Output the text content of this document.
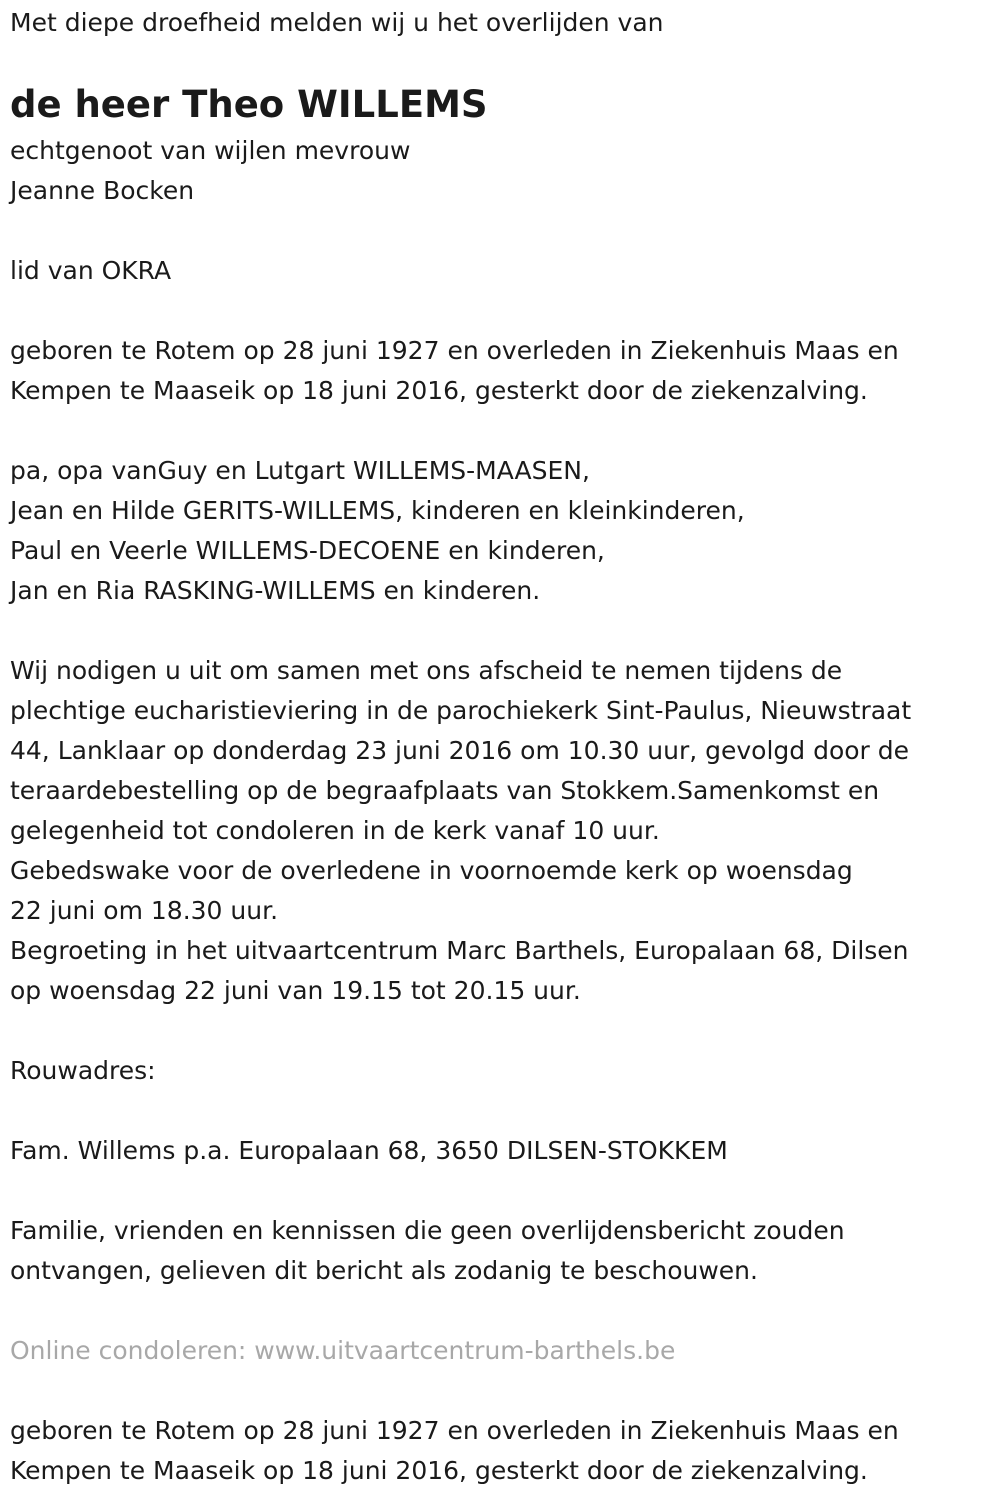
Met diepe droefheid melden wij u het overlijden van

de heer Theo WILLEMS

echtgenoot van wijlen mevrouw

Jeanne Bocken

lid van OKRA

geboren te Rotem op 28 juni 1927 en overleden in Ziekenhuis Maas en

Kempen te Maaseik op 18 juni 2016, gesterkt door de ziekenzalving.

pa, opa vanGuy en Lutgart WILLEMS-MAASEN,

Jean en Hilde GERITS-WILLEMS, kinderen en kleinkinderen,

Paul en Veerle WILLEMS-DECOENE en kinderen,

Jan en Ria RASKING-WILLEMS en kinderen.

Wij nodigen u uit om samen met ons afscheid te nemen tijdens de

plechtige eucharistieviering in de parochiekerk Sint-Paulus, Nieuwstraat

44, Lanklaar op donderdag 23 juni 2016 om 10.30 uur, gevolgd door de

teraardebestelling op de begraafplaats van Stokkem.Samenkomst en

gelegenheid tot condoleren in de kerk vanaf 10 uur.

Gebedswake voor de overledene in voornoemde kerk op woensdag

22 juni om 18.30 uur.

Begroeting in het uitvaartcentrum Marc Barthels, Europalaan 68, Dilsen

op woensdag 22 juni van 19.15 tot 20.15 uur.

Rouwadres:

Fam. Willems p.a. Europalaan 68, 3650 DILSEN-STOKKEM

Familie, vrienden en kennissen die geen overlijdensbericht zouden

ontvangen, gelieven dit bericht als zodanig te beschouwen.

Online condoleren: www.uitvaartcentrum-barthels.be

geboren te Rotem op 28 juni 1927 en overleden in Ziekenhuis Maas en

Kempen te Maaseik op 18 juni 2016, gesterkt door de ziekenzalving.
